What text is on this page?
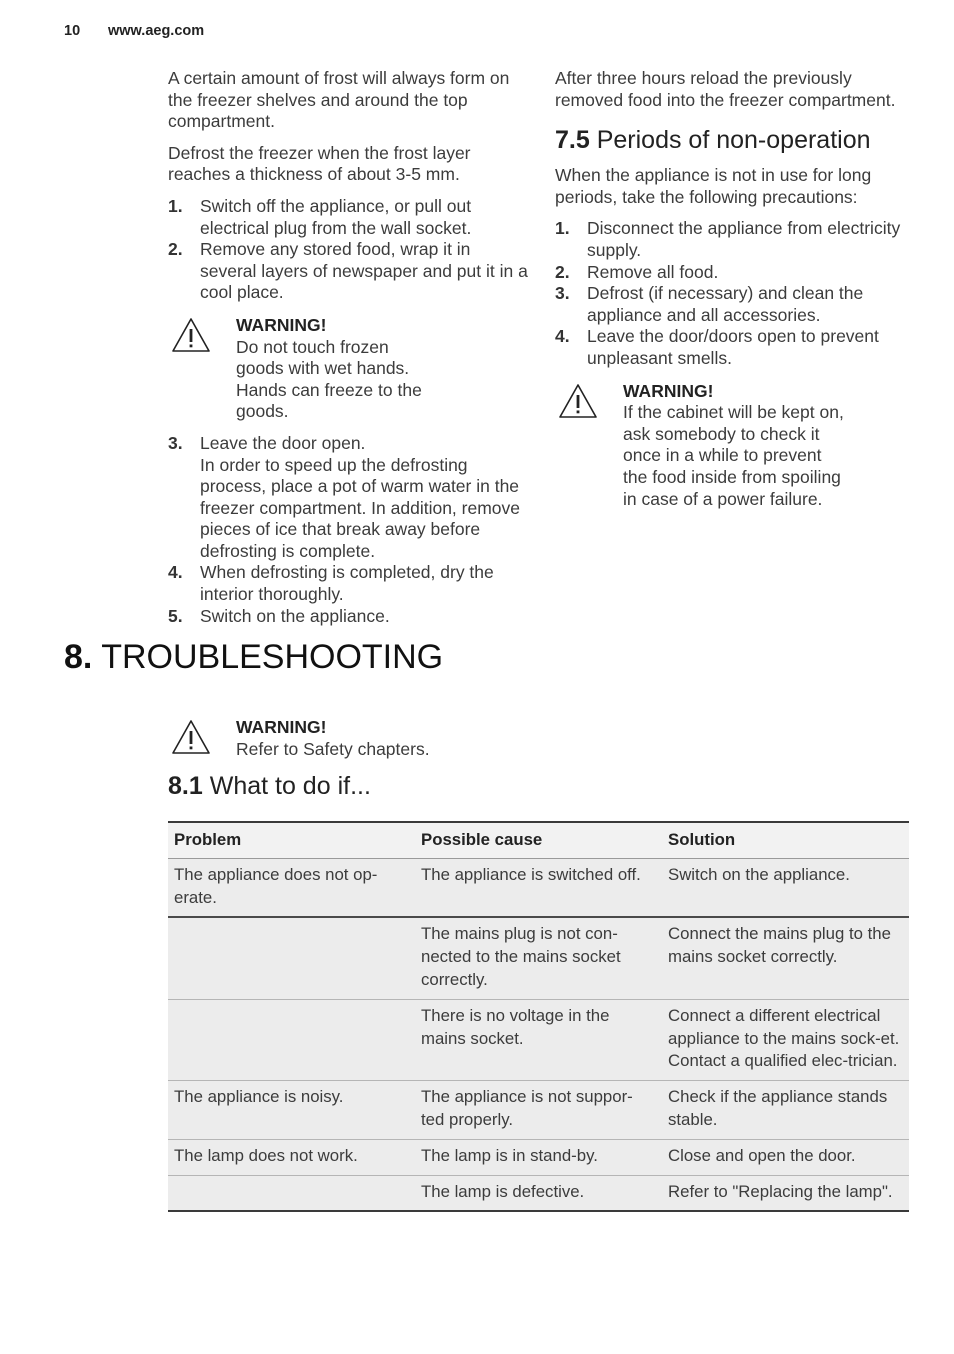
10 www.aeg.com

A certain amount of frost will always form on the freezer shelves and around the top compartment.

Defrost the freezer when the frost layer reaches a thickness of about 3-5 mm.

1. Switch off the appliance, or pull out electrical plug from the wall socket.
2. Remove any stored food, wrap it in several layers of newspaper and put it in a cool place.
WARNING!
Do not touch frozen
goods with wet hands.
Hands can freeze to the
goods.
3. Leave the door open.
In order to speed up the defrosting process, place a pot of warm water in the freezer compartment. In addition, remove pieces of ice that break away before defrosting is complete.
4. When defrosting is completed, dry the interior thoroughly.
5. Switch on the appliance.

After three hours reload the previously removed food into the freezer compartment.

7.5 Periods of non-operation

When the appliance is not in use for long periods, take the following precautions:

1. Disconnect the appliance from electricity supply.
2. Remove all food.
3. Defrost (if necessary) and clean the appliance and all accessories.
4. Leave the door/doors open to prevent unpleasant smells.
WARNING!
If the cabinet will be kept on,
ask somebody to check it
once in a while to prevent
the food inside from spoiling
in case of a power failure.
8. TROUBLESHOOTING
WARNING!
Refer to Safety chapters.
8.1 What to do if...
Problem	Possible cause	Solution
The appliance does not op-erate.	The appliance is switched off.	Switch on the appliance.
	The mains plug is not con-nected to the mains socket correctly.	Connect the mains plug to the mains socket correctly.
	There is no voltage in the mains socket.	Connect a different electrical appliance to the mains sock-et. Contact a qualified elec-trician.
The appliance is noisy.	The appliance is not suppor-ted properly.	Check if the appliance stands stable.
The lamp does not work.	The lamp is in stand-by.	Close and open the door.
	The lamp is defective.	Refer to "Replacing the lamp".
